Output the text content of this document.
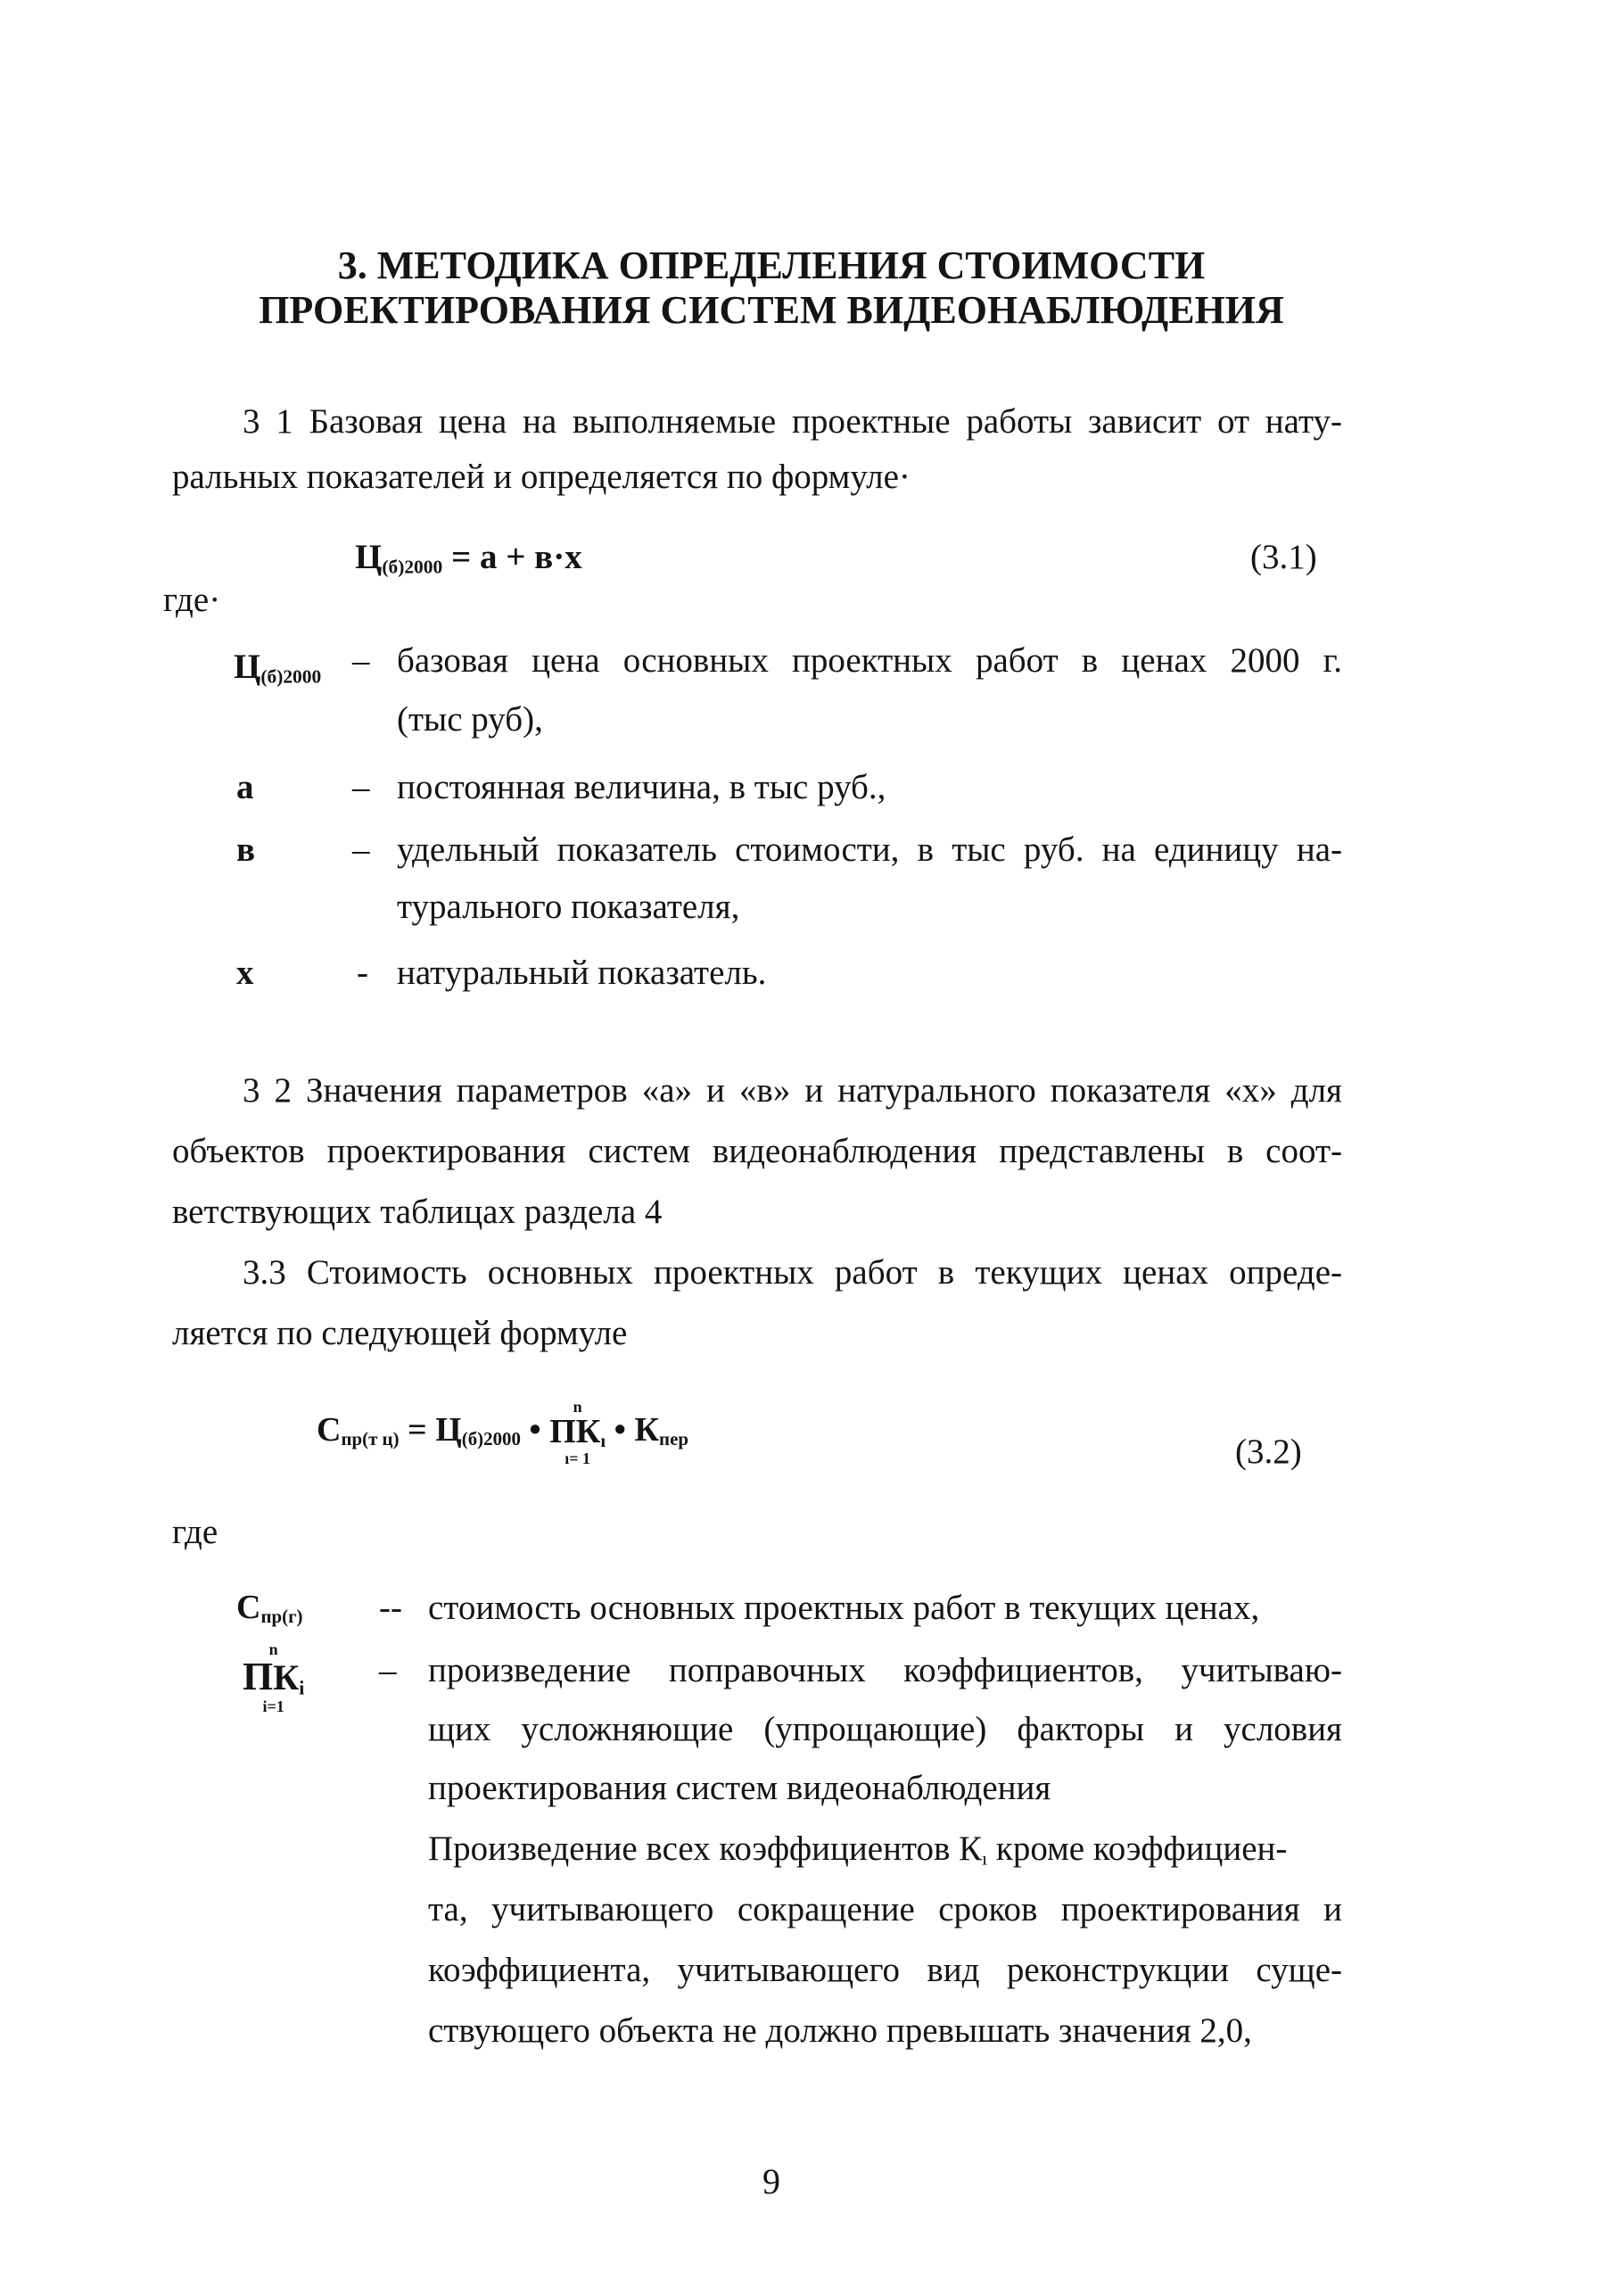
3. МЕТОДИКА ОПРЕДЕЛЕНИЯ СТОИМОСТИ
ПРОЕКТИРОВАНИЯ СИСТЕМ ВИДЕОНАБЛЮДЕНИЯ
3 1 Базовая цена на выполняемые проектные работы зависит от нату-
ральных показателей и определяется по формуле·
$Ц_{(б)2000} = а + в\cdot х$	(3.1)
где·
$Ц_{(б)2000}$ – базовая цена основных проектных работ в ценах 2000 г.
(тыс руб),
а	– постоянная величина, в тыс руб.,
в	– удельный показатель стоимости, в тыс руб. на единицу на-
турального показателя,
х	- натуральный показатель.
3 2 Значения параметров «а» и «в» и натурального показателя «х» для
объектов проектирования систем видеонаблюдения представлены в соот-
ветствующих таблицах раздела 4
3.3 Стоимость основных проектных работ в текущих ценах опреде-
ляется по следующей формуле
$С_{пр(т ц)} = Ц_{(б)2000}$ •
n
$ПК_ı$
ı= 1
• $К_{пер}$	(3.2)
где
$С_{пр(г)}$ -- стоимость основных проектных работ в текущих ценах,
n
ПКi
i=1
– произведение поправочных коэффициентов, учитываю-
щих усложняющие (упрощающие) факторы и условия
проектирования систем видеонаблюдения
Произведение всех коэффициентов $К_ı$ кроме коэффициен-
та, учитывающего сокращение сроков проектирования и
коэффициента, учитывающего вид реконструкции суще-
ствующего объекта не должно превышать значения 2,0,
9
